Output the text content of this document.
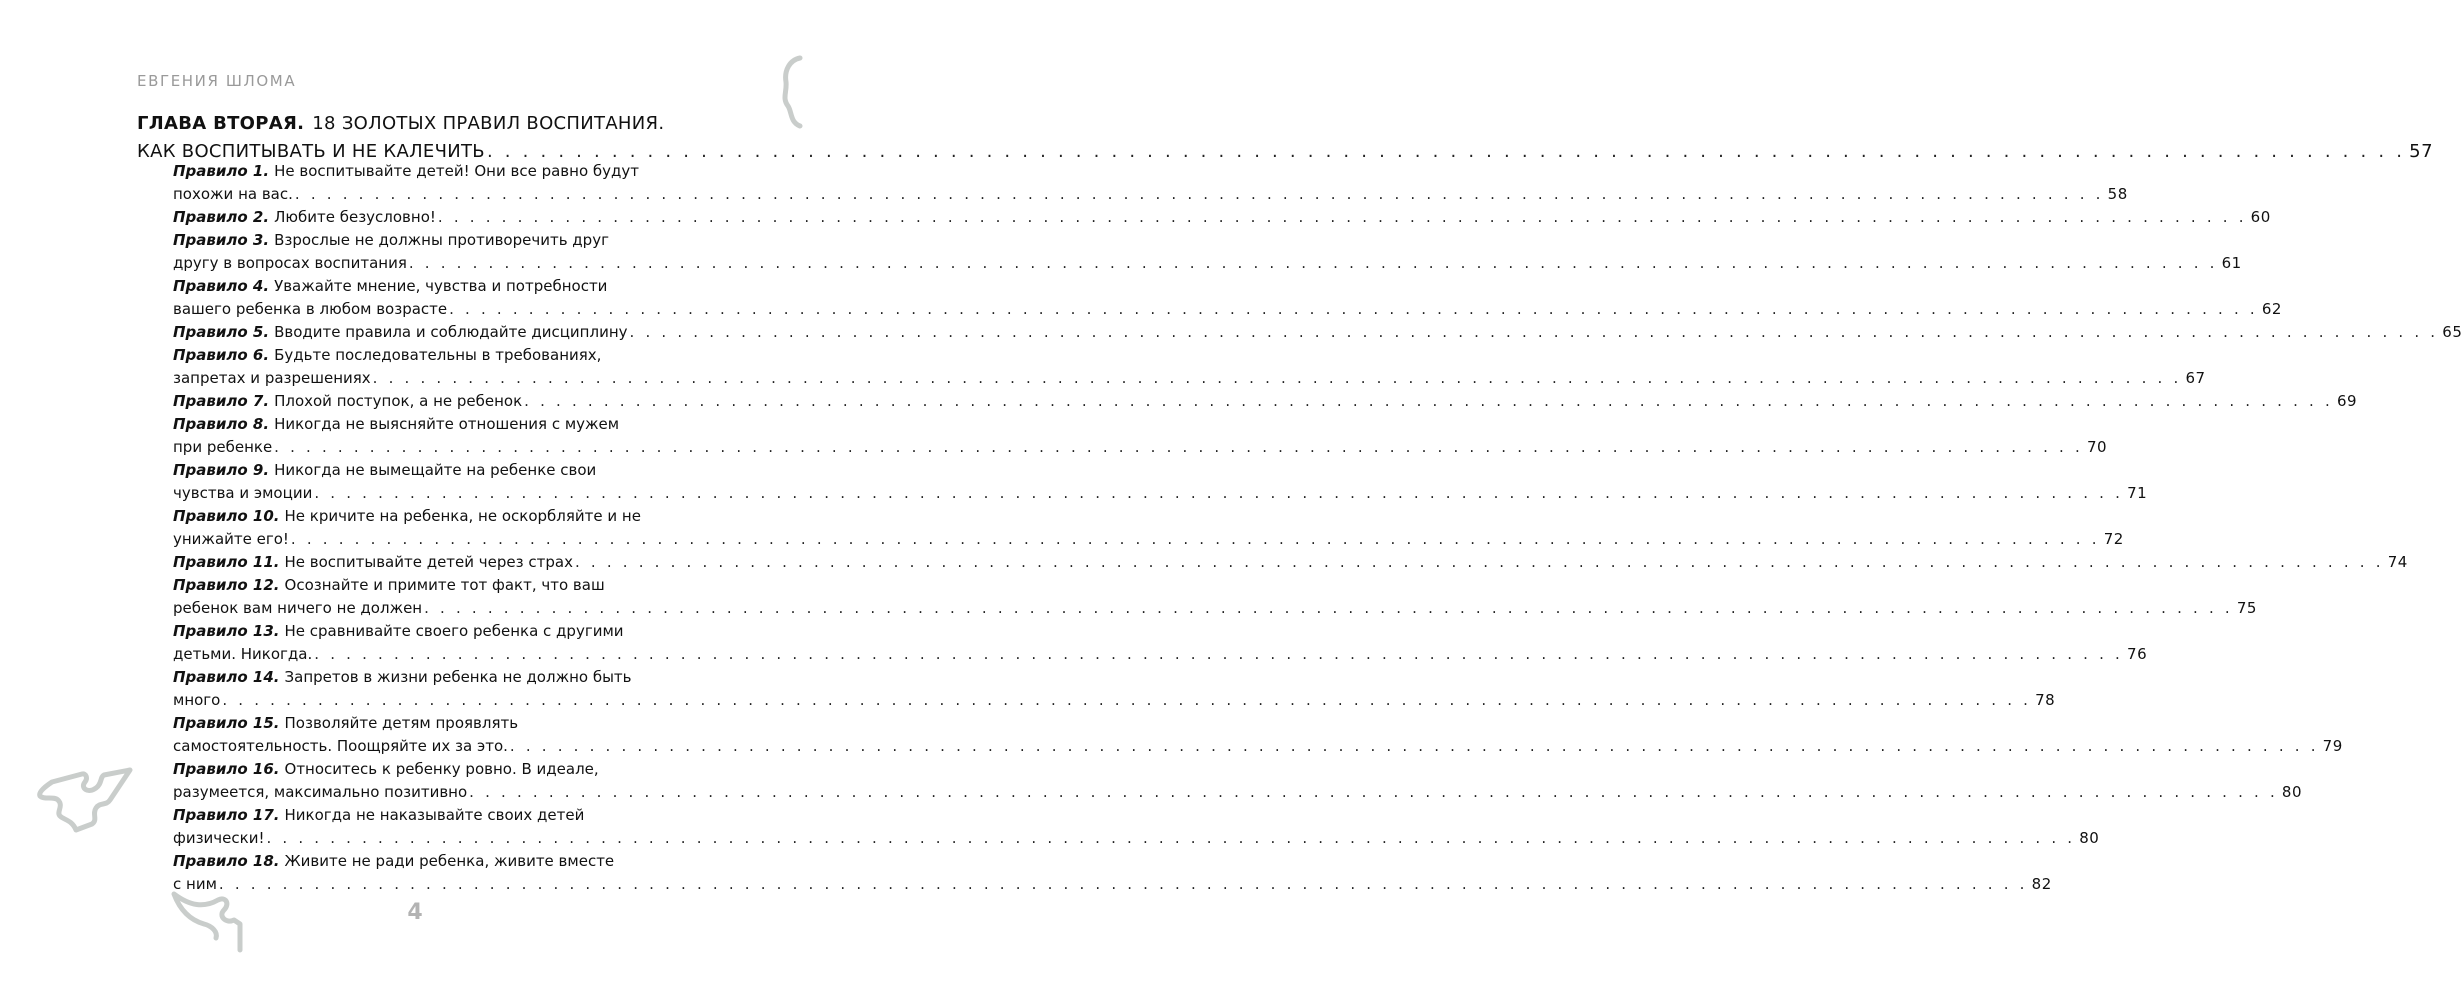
ЕВГЕНИЯ ШЛОМА
ГЛАВА ВТОРАЯ. 18 ЗОЛОТЫХ ПРАВИЛ ВОСПИТАНИЯ.
КАК ВОСПИТЫВАТЬ И НЕ КАЛЕЧИТЬ . . . . . . . . . . . . . . . . . . . . . . . . . . . . . . . . . . . . . . . . . . . . . . . . . . . . . . . . . . . . . . . . . . . . . . . . . . . . . . . . . . . . . . . . . . . . . . . . . . . . . . . . . . . . 57
Правило 1. Не воспитывайте детей! Они все равно будут
похожи на вас. . . . . . . . . . . . . . . . . . . . . . . . . . . . . . . . . . . . . . . . . . . . . . . . . . . . . . . . . . . . . . . . . . . . . . . . . . . . . . . . . . . . . . . . . . . . . . . . . . . . . . . . . . . . . . . . . . . 58
Правило 2. Любите безусловно! . . . . . . . . . . . . . . . . . . . . . . . . . . . . . . . . . . . . . . . . . . . . . . . . . . . . . . . . . . . . . . . . . . . . . . . . . . . . . . . . . . . . . . . . . . . . . . . . . . . . . . . . . . . . . . . . . . 60
Правило 3. Взрослые не должны противоречить друг
другу в вопросах воспитания . . . . . . . . . . . . . . . . . . . . . . . . . . . . . . . . . . . . . . . . . . . . . . . . . . . . . . . . . . . . . . . . . . . . . . . . . . . . . . . . . . . . . . . . . . . . . . . . . . . . . . . . . . . . . . . . . . 61
Правило 4. Уважайте мнение, чувства и потребности
вашего ребенка в любом возрасте . . . . . . . . . . . . . . . . . . . . . . . . . . . . . . . . . . . . . . . . . . . . . . . . . . . . . . . . . . . . . . . . . . . . . . . . . . . . . . . . . . . . . . . . . . . . . . . . . . . . . . . . . . . . . . . . . . 62
Правило 5. Вводите правила и соблюдайте дисциплину . . . . . . . . . . . . . . . . . . . . . . . . . . . . . . . . . . . . . . . . . . . . . . . . . . . . . . . . . . . . . . . . . . . . . . . . . . . . . . . . . . . . . . . . . . . . . . . . . . . . . . . . . . . . . . . . . . 65
Правило 6. Будьте последовательны в требованиях,
запретах и разрешениях . . . . . . . . . . . . . . . . . . . . . . . . . . . . . . . . . . . . . . . . . . . . . . . . . . . . . . . . . . . . . . . . . . . . . . . . . . . . . . . . . . . . . . . . . . . . . . . . . . . . . . . . . . . . . . . . . . 67
Правило 7. Плохой поступок, а не ребенок . . . . . . . . . . . . . . . . . . . . . . . . . . . . . . . . . . . . . . . . . . . . . . . . . . . . . . . . . . . . . . . . . . . . . . . . . . . . . . . . . . . . . . . . . . . . . . . . . . . . . . . . . . . . . . . . . . 69
Правило 8. Никогда не выясняйте отношения с мужем
при ребенке . . . . . . . . . . . . . . . . . . . . . . . . . . . . . . . . . . . . . . . . . . . . . . . . . . . . . . . . . . . . . . . . . . . . . . . . . . . . . . . . . . . . . . . . . . . . . . . . . . . . . . . . . . . . . . . . . . 70
Правило 9. Никогда не вымещайте на ребенке свои
чувства и эмоции . . . . . . . . . . . . . . . . . . . . . . . . . . . . . . . . . . . . . . . . . . . . . . . . . . . . . . . . . . . . . . . . . . . . . . . . . . . . . . . . . . . . . . . . . . . . . . . . . . . . . . . . . . . . . . . . . . 71
Правило 10. Не кричите на ребенка, не оскорбляйте и не
унижайте его! . . . . . . . . . . . . . . . . . . . . . . . . . . . . . . . . . . . . . . . . . . . . . . . . . . . . . . . . . . . . . . . . . . . . . . . . . . . . . . . . . . . . . . . . . . . . . . . . . . . . . . . . . . . . . . . . . . 72
Правило 11. Не воспитывайте детей через страх . . . . . . . . . . . . . . . . . . . . . . . . . . . . . . . . . . . . . . . . . . . . . . . . . . . . . . . . . . . . . . . . . . . . . . . . . . . . . . . . . . . . . . . . . . . . . . . . . . . . . . . . . . . . . . . . . . 74
Правило 12. Осознайте и примите тот факт, что ваш
ребенок вам ничего не должен . . . . . . . . . . . . . . . . . . . . . . . . . . . . . . . . . . . . . . . . . . . . . . . . . . . . . . . . . . . . . . . . . . . . . . . . . . . . . . . . . . . . . . . . . . . . . . . . . . . . . . . . . . . . . . . . . . 75
Правило 13. Не сравнивайте своего ребенка с другими
детьми. Никогда. . . . . . . . . . . . . . . . . . . . . . . . . . . . . . . . . . . . . . . . . . . . . . . . . . . . . . . . . . . . . . . . . . . . . . . . . . . . . . . . . . . . . . . . . . . . . . . . . . . . . . . . . . . . . . . . . . . 76
Правило 14. Запретов в жизни ребенка не должно быть
много . . . . . . . . . . . . . . . . . . . . . . . . . . . . . . . . . . . . . . . . . . . . . . . . . . . . . . . . . . . . . . . . . . . . . . . . . . . . . . . . . . . . . . . . . . . . . . . . . . . . . . . . . . . . . . . . . . 78
Правило 15. Позволяйте детям проявлять
самостоятельность. Поощряйте их за это. . . . . . . . . . . . . . . . . . . . . . . . . . . . . . . . . . . . . . . . . . . . . . . . . . . . . . . . . . . . . . . . . . . . . . . . . . . . . . . . . . . . . . . . . . . . . . . . . . . . . . . . . . . . . . . . . . . 79
Правило 16. Относитесь к ребенку ровно. В идеале,
разумеется, максимально позитивно . . . . . . . . . . . . . . . . . . . . . . . . . . . . . . . . . . . . . . . . . . . . . . . . . . . . . . . . . . . . . . . . . . . . . . . . . . . . . . . . . . . . . . . . . . . . . . . . . . . . . . . . . . . . . . . . . . 80
Правило 17. Никогда не наказывайте своих детей
физически! . . . . . . . . . . . . . . . . . . . . . . . . . . . . . . . . . . . . . . . . . . . . . . . . . . . . . . . . . . . . . . . . . . . . . . . . . . . . . . . . . . . . . . . . . . . . . . . . . . . . . . . . . . . . . . . . . . 80
Правило 18. Живите не ради ребенка, живите вместе
с ним . . . . . . . . . . . . . . . . . . . . . . . . . . . . . . . . . . . . . . . . . . . . . . . . . . . . . . . . . . . . . . . . . . . . . . . . . . . . . . . . . . . . . . . . . . . . . . . . . . . . . . . . . . . . . . . . . . 82
4
